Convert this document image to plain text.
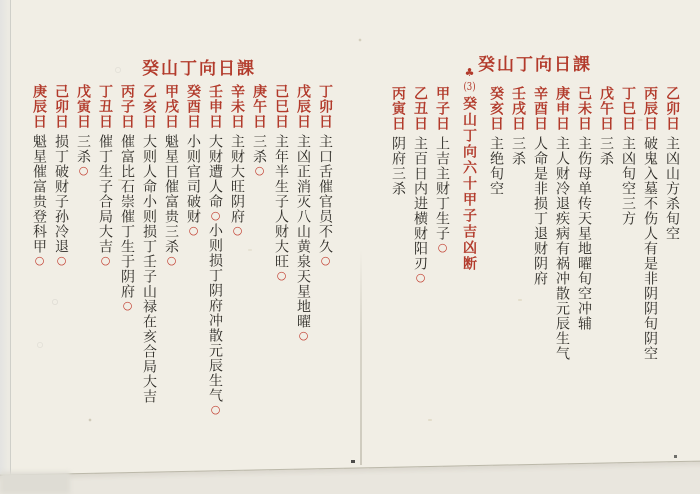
癸山丁向日課
丁卯日主口舌催官员不久○
戊辰日主凶正消灭八山黄泉天星地曜○
己巳日主年半生子人财大旺○
庚午日三杀○
辛未日主财大旺阴府○
壬申日大财遭人命○小则损丁阴府冲散元辰生气○
癸酉日小则官司破财○
甲戌日魁星日催富贵三杀○
乙亥日大则人命小则损丁壬子山禄在亥合局大吉
丙子日催富比石崇催丁生于阴府○
丁丑日催丁生子合局大吉○
戊寅日三杀○
己卯日损丁破财子孙冷退○
庚辰日魁星催富贵登科甲○
癸山丁向日課
乙卯日主凶山方杀旬空
丙辰日破鬼入墓不伤人有是非阴阴旬阴空
丁巳日主凶旬空三方
戊午日三杀
己未日主伤母单传天星地曜旬空冲辅
庚申日主人财冷退疾病有祸冲散元辰生气
辛酉日人命是非损丁退财阴府
壬戌日三杀
癸亥日主绝旬空
♣(3)癸山丁向六十甲子吉凶断
甲子日上吉主财丁生子○
乙丑日主百日内进横财阳刃○
丙寅日阴府三杀
